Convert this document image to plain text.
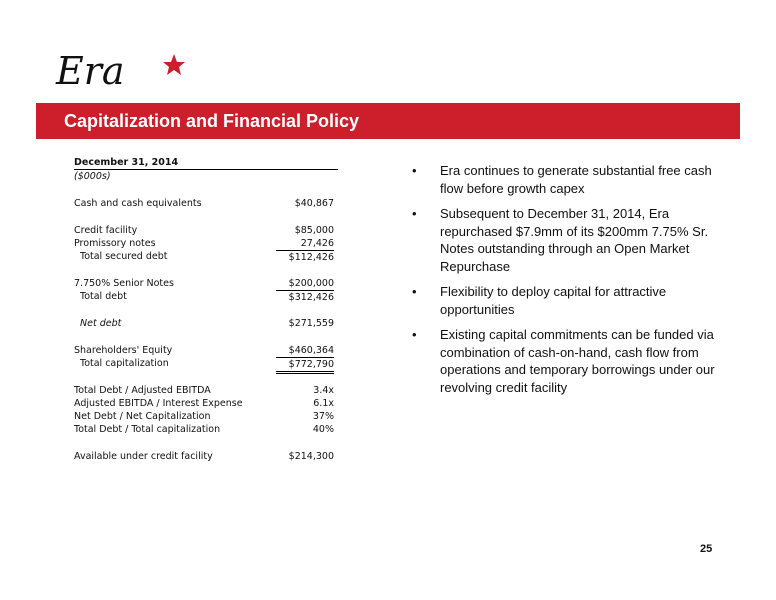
Era
Capitalization and Financial Policy
December 31, 2014
($000s)
Cash and cash equivalents	$40,867
Credit facility	$85,000
Promissory notes	27,426
Total secured debt	$112,426
7.750% Senior Notes	$200,000
Total debt	$312,426
Net debt	$271,559
Shareholders' Equity	$460,364
Total capitalization	$772,790
Total Debt / Adjusted EBITDA	3.4x
Adjusted EBITDA / Interest Expense	6.1x
Net Debt / Net Capitalization	37%
Total Debt / Total capitalization	40%
Available under credit facility	$214,300
• Era continues to generate substantial free cash flow before growth capex
• Subsequent to December 31, 2014, Era repurchased $7.9mm of its $200mm 7.75% Sr. Notes outstanding through an Open Market Repurchase
• Flexibility to deploy capital for attractive opportunities
• Existing capital commitments can be funded via combination of cash-on-hand, cash flow from operations and temporary borrowings under our revolving credit facility
25
